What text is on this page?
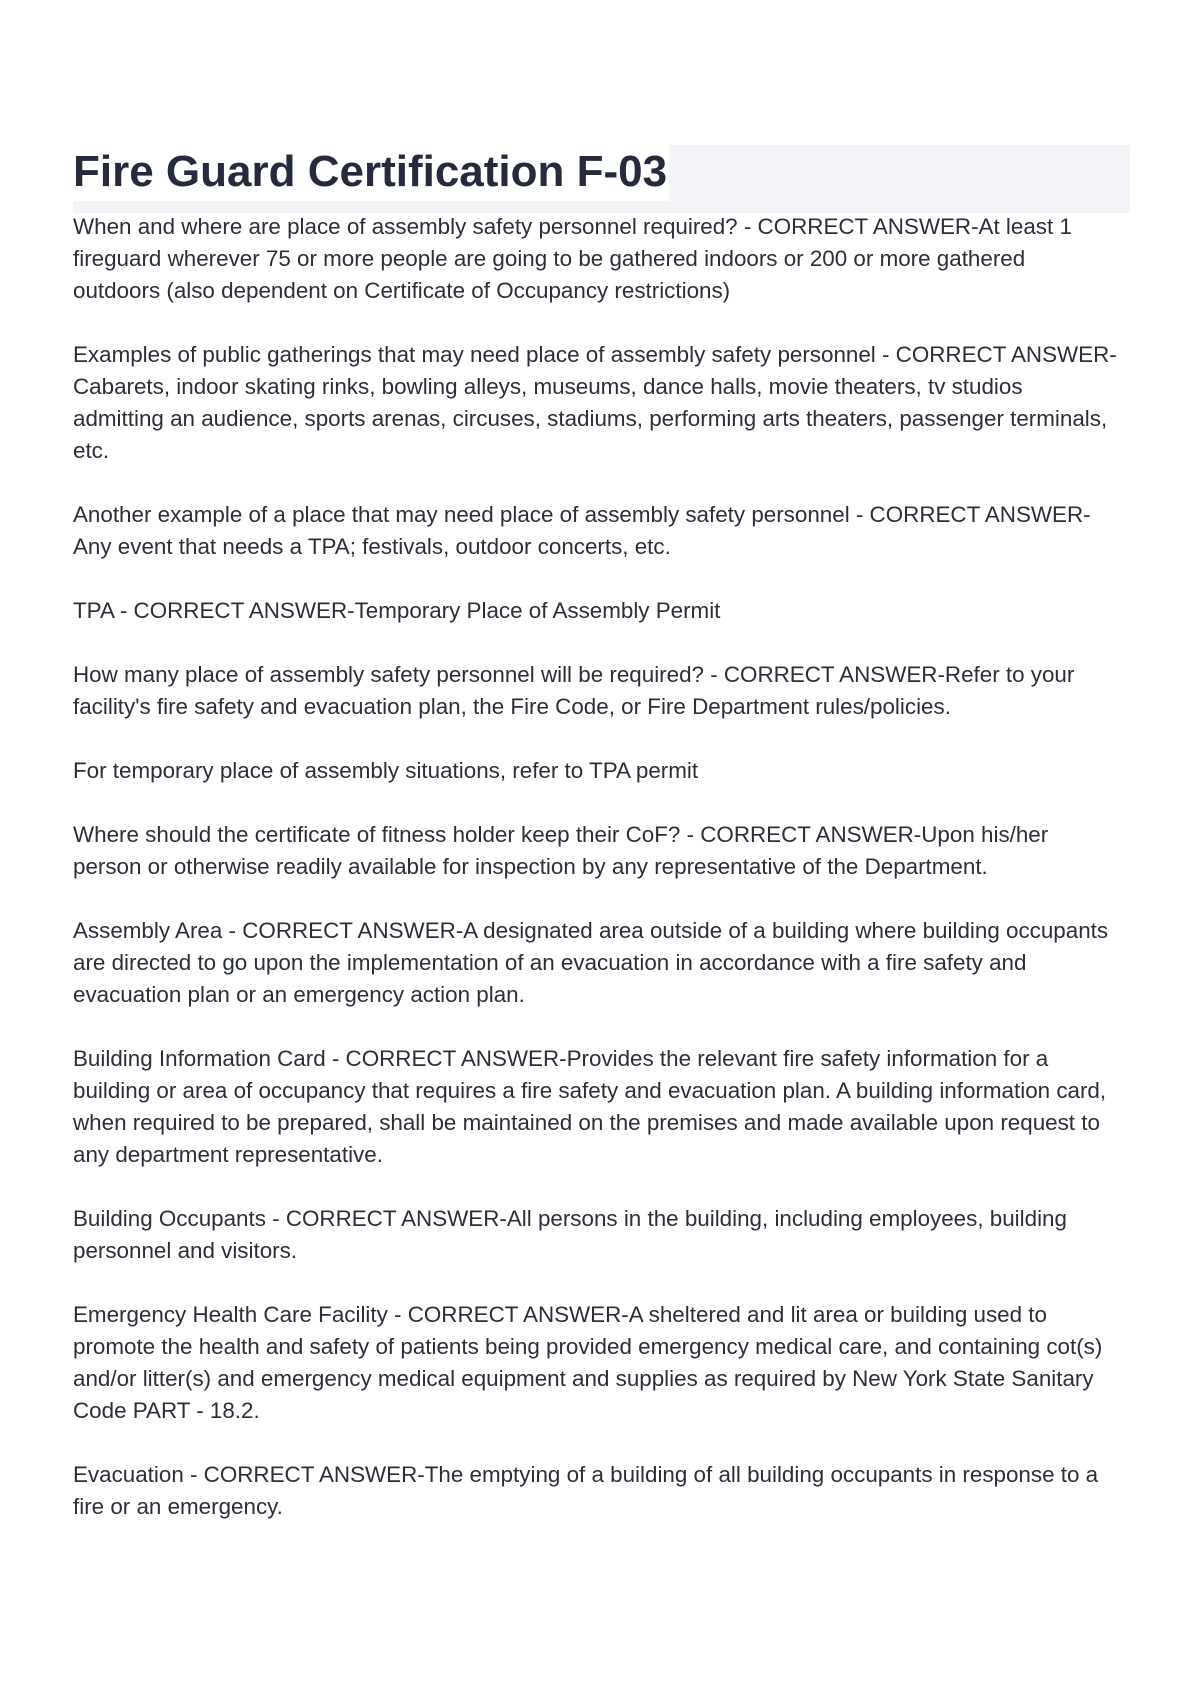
Fire Guard Certification F-03

When and where are place of assembly safety personnel required? - CORRECT ANSWER-At least 1 fireguard wherever 75 or more people are going to be gathered indoors or 200 or more gathered outdoors (also dependent on Certificate of Occupancy restrictions)

Examples of public gatherings that may need place of assembly safety personnel - CORRECT ANSWER-Cabarets, indoor skating rinks, bowling alleys, museums, dance halls, movie theaters, tv studios admitting an audience, sports arenas, circuses, stadiums, performing arts theaters, passenger terminals, etc.

Another example of a place that may need place of assembly safety personnel - CORRECT ANSWER-Any event that needs a TPA; festivals, outdoor concerts, etc.

TPA - CORRECT ANSWER-Temporary Place of Assembly Permit

How many place of assembly safety personnel will be required? - CORRECT ANSWER-Refer to your facility's fire safety and evacuation plan, the Fire Code, or Fire Department rules/policies.

For temporary place of assembly situations, refer to TPA permit

Where should the certificate of fitness holder keep their CoF? - CORRECT ANSWER-Upon his/her person or otherwise readily available for inspection by any representative of the Department.

Assembly Area - CORRECT ANSWER-A designated area outside of a building where building occupants are directed to go upon the implementation of an evacuation in accordance with a fire safety and evacuation plan or an emergency action plan.

Building Information Card - CORRECT ANSWER-Provides the relevant fire safety information for a building or area of occupancy that requires a fire safety and evacuation plan. A building information card, when required to be prepared, shall be maintained on the premises and made available upon request to any department representative.

Building Occupants - CORRECT ANSWER-All persons in the building, including employees, building personnel and visitors.

Emergency Health Care Facility - CORRECT ANSWER-A sheltered and lit area or building used to promote the health and safety of patients being provided emergency medical care, and containing cot(s) and/or litter(s) and emergency medical equipment and supplies as required by New York State Sanitary Code PART - 18.2.

Evacuation - CORRECT ANSWER-The emptying of a building of all building occupants in response to a fire or an emergency.
